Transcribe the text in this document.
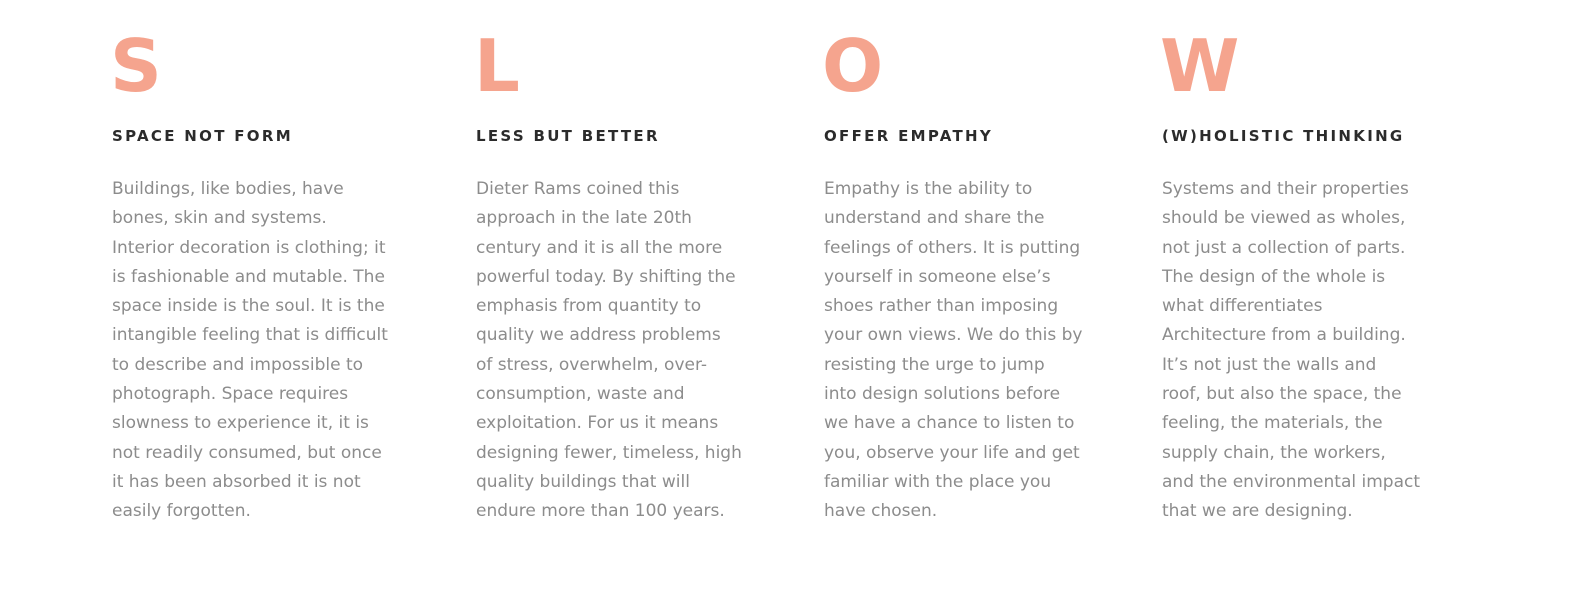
S
SPACE NOT FORM

Buildings, like bodies, have
bones, skin and systems.
Interior decoration is clothing; it
is fashionable and mutable. The
space inside is the soul. It is the
intangible feeling that is difficult
to describe and impossible to
photograph. Space requires
slowness to experience it, it is
not readily consumed, but once
it has been absorbed it is not
easily forgotten.

L
LESS BUT BETTER

Dieter Rams coined this
approach in the late 20th
century and it is all the more
powerful today. By shifting the
emphasis from quantity to
quality we address problems
of stress, overwhelm, over-
consumption, waste and
exploitation. For us it means
designing fewer, timeless, high
quality buildings that will
endure more than 100 years.

O
OFFER EMPATHY

Empathy is the ability to
understand and share the
feelings of others. It is putting
yourself in someone else’s
shoes rather than imposing
your own views. We do this by
resisting the urge to jump
into design solutions before
we have a chance to listen to
you, observe your life and get
familiar with the place you
have chosen.

W
(W)HOLISTIC THINKING

Systems and their properties
should be viewed as wholes,
not just a collection of parts.
The design of the whole is
what differentiates
Architecture from a building.
It’s not just the walls and
roof, but also the space, the
feeling, the materials, the
supply chain, the workers,
and the environmental impact
that we are designing.
